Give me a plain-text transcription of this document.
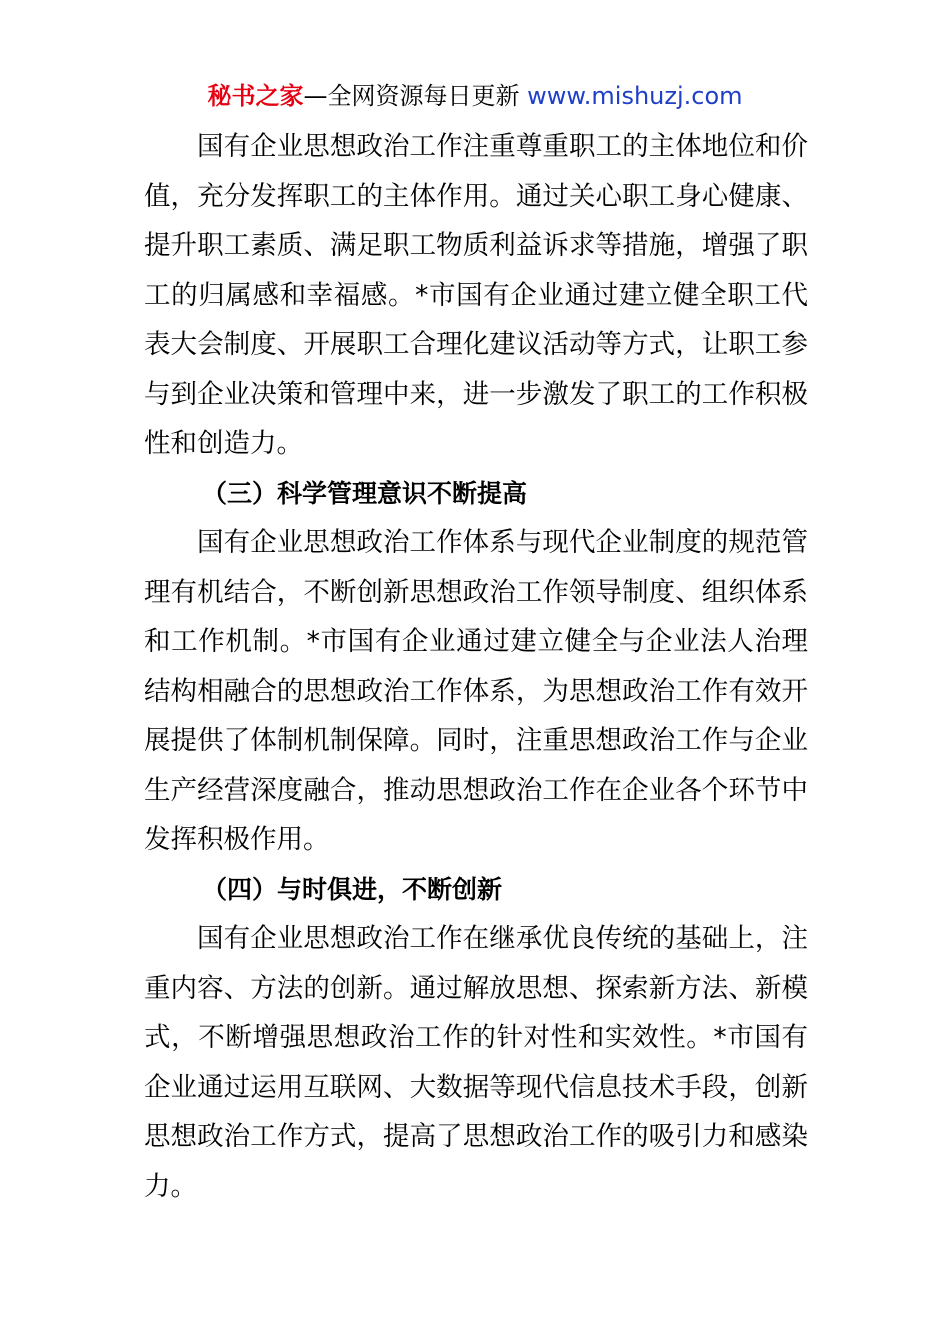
秘书之家—全网资源每日更新 www.mishuzj.com

国有企业思想政治工作注重尊重职工的主体地位和价值，充分发挥职工的主体作用。通过关心职工身心健康、提升职工素质、满足职工物质利益诉求等措施，增强了职工的归属感和幸福感。*市国有企业通过建立健全职工代表大会制度、开展职工合理化建议活动等方式，让职工参与到企业决策和管理中来，进一步激发了职工的工作积极性和创造力。

（三）科学管理意识不断提高

国有企业思想政治工作体系与现代企业制度的规范管理有机结合，不断创新思想政治工作领导制度、组织体系和工作机制。*市国有企业通过建立健全与企业法人治理结构相融合的思想政治工作体系，为思想政治工作有效开展提供了体制机制保障。同时，注重思想政治工作与企业生产经营深度融合，推动思想政治工作在企业各个环节中发挥积极作用。

（四）与时俱进，不断创新

国有企业思想政治工作在继承优良传统的基础上，注重内容、方法的创新。通过解放思想、探索新方法、新模式，不断增强思想政治工作的针对性和实效性。*市国有企业通过运用互联网、大数据等现代信息技术手段，创新思想政治工作方式，提高了思想政治工作的吸引力和感染力。
